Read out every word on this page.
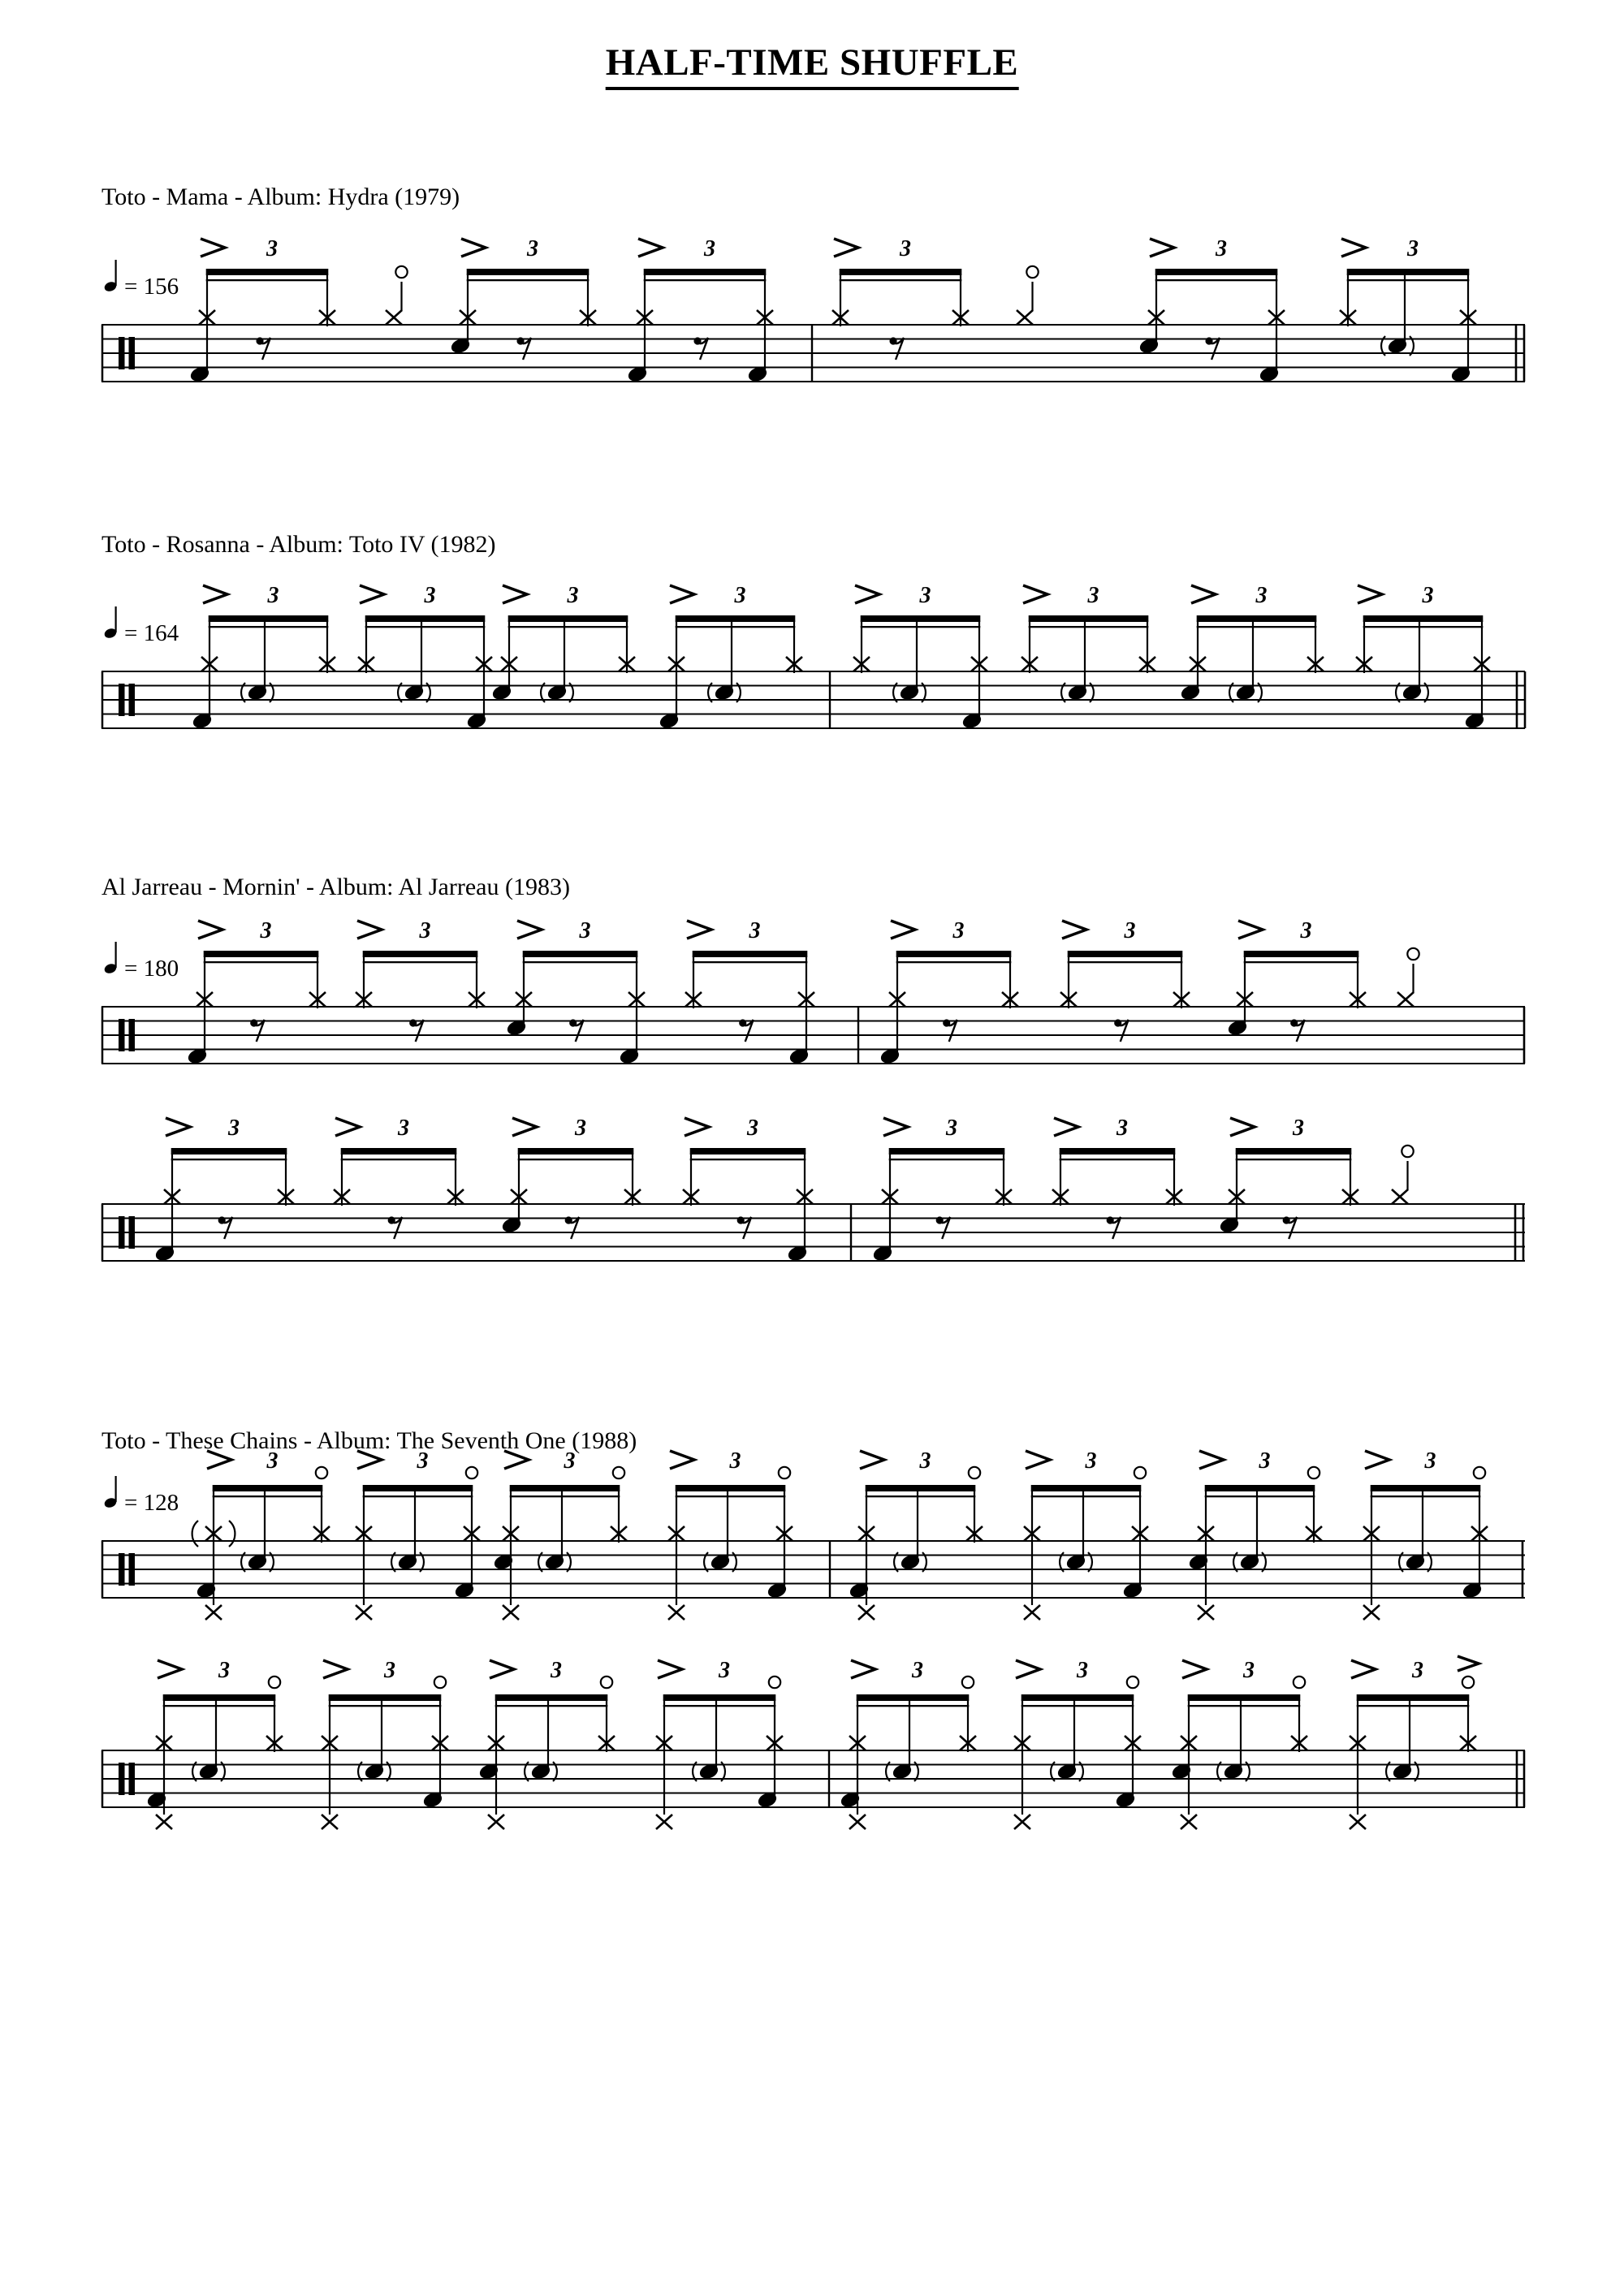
HALF-TIME SHUFFLE
Toto - Mama - Album: Hydra (1979)
Toto - Rosanna - Album: Toto IV (1982)
Al Jarreau - Mornin' - Album: Al Jarreau (1983)
Toto - These Chains - Album: The Seventh One (1988)
= 156
3	3	3	3	3	3
= 164
3	3	3	3	3	3	3	3
= 180
3	3	3	3	3	3	3
3	3	3	3	3	3	3
= 128
3	3	3	3	3	3	3	3
3	3	3	3	3	3	3	3
